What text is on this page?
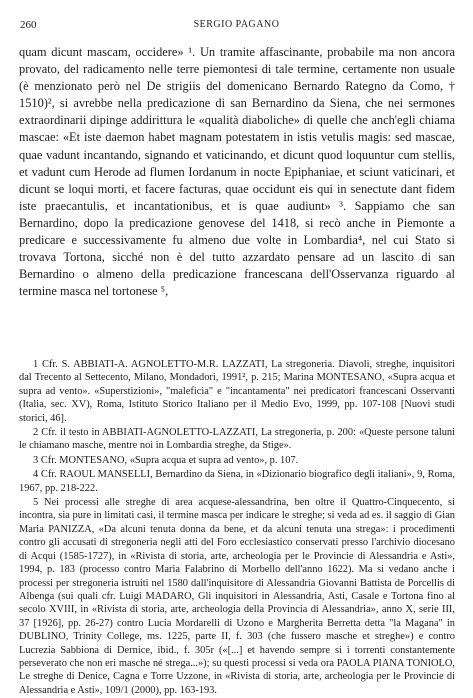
260	SERGIO PAGANO

quam dicunt mascam, occidere» ¹. Un tramite affascinante, probabile ma non ancora provato, del radicamento nelle terre piemontesi di tale termine, certamente non usuale (è menzionato però nel De strigiis del domenicano Bernardo Rategno da Como, † 1510)², si avrebbe nella predicazione di san Bernardino da Siena, che nei sermones extraordinarii dipinge addirittura le «qualità diaboliche» di quelle che anch'egli chiama mascae: «Et iste daemon habet magnam potestatem in istis vetulis magis: sed mascae, quae vadunt incantando, signando et vaticinando, et dicunt quod loquuntur cum stellis, et vadunt cum Herode ad flumen Iordanum in nocte Epiphaniae, et sciunt vaticinari, et dicunt se loqui morti, et facere facturas, quae occidunt eis qui in senectute dant fidem iste praecantulis, et incantationibus, et is quae audiunt» ³. Sappiamo che san Bernardino, dopo la predicazione genovese del 1418, si recò anche in Piemonte a predicare e successivamente fu almeno due volte in Lombardia⁴, nel cui Stato si trovava Tortona, sicché non è del tutto azzardato pensare ad un lascito di san Bernardino o almeno della predicazione francescana dell'Osservanza riguardo al termine masca nel tortonese ⁵,

1 Cfr. S. ABBIATI-A. AGNOLETTO-M.R. LAZZATI, La stregoneria. Diavoli, streghe, inquisitori dal Trecento al Settecento, Milano, Mondadori, 1991², p. 215; Marina MONTESANO, «Supra acqua et supra ad vento». «Superstizioni», "maleficia" e "incantamenta" nei predicatori francescani Osservanti (Italia, sec. XV), Roma, Istituto Storico Italiano per il Medio Evo, 1999, pp. 107-108 [Nuovi studi storici, 46].

2 Cfr. il testo in ABBIATI-AGNOLETTO-LAZZATI, La stregoneria, p. 200: «Queste persone taluni le chiamano masche, mentre noi in Lombardia streghe, da Stige».

3 Cfr. MONTESANO, «Supra acqua et supra ad vento», p. 107.

4 Cfr. RAOUL MANSELLI, Bernardino da Siena, in «Dizionario biografico degli italiani», 9, Roma, 1967, pp. 218-222.

5 Nei processi alle streghe di area acquese-alessandrina, ben oltre il Quattro-Cinquecento, si incontra, sia pure in limitati casi, il termine masca per indicare le streghe; si veda ad es. il saggio di Gian Maria PANIZZA, «Da alcuni tenuta donna da bene, et da alcuni tenuta una strega»: i procedimenti contro gli accusati di stregoneria negli atti del Foro ecclesiastico conservati presso l'archivio diocesano di Acqui (1585-1727), in «Rivista di storia, arte, archeologia per le Provincie di Alessandria e Asti», 1994, p. 183 (processo contro Maria Falabrino di Morbello dell'anno 1622). Ma si vedano anche i processi per stregoneria istruiti nel 1580 dall'inquisitore di Alessandria Giovanni Battista de Porcellis di Albenga (sui quali cfr. Luigi MADARO, Gli inquisitori in Alessandria, Asti, Casale e Tortona fino al secolo XVIII, in «Rivista di storia, arte, archeologia della Provincia di Alessandria», anno X, serie III, 37 [1926], pp. 26-27) contro Lucia Mordarelli di Uzono e Margherita Berretta detta "la Magana" in DUBLINO, Trinity College, ms. 1225, parte II, f. 303 (che fussero masche et streghe») e contro Lucrezia Sabbiona di Dernice, ibid., f. 305r («[...] et havendo sempre si i torrenti constantemente perseverato che non eri masche né strega...»); su questi processi si veda ora PAOLA PIANA TONIOLO, Le streghe di Denice, Cagna e Torre Uzzone, in «Rivista di storia, arte, archeologia per le Provincie di Alessandria e Asti», 109/1 (2000), pp. 163-193.
